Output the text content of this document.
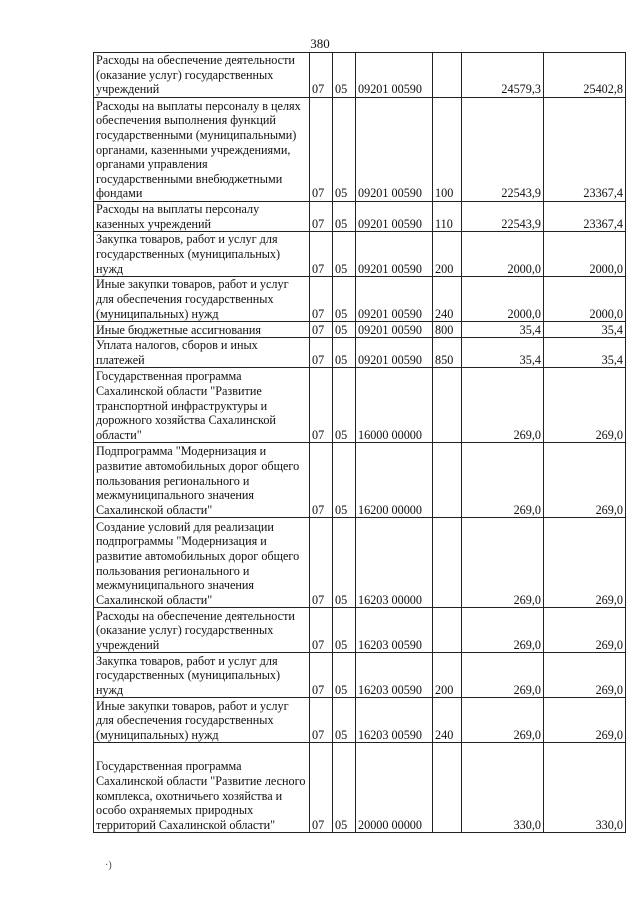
380
Расходы на обеспечение деятельности (оказание услуг) государственных учреждений	07	05	09201 00590		24579,3	25402,8
Расходы на выплаты персоналу в целях обеспечения выполнения функций государственными (муниципальными) органами, казенными учреждениями, органами управления государственными внебюджетными фондами	07	05	09201 00590	100	22543,9	23367,4
Расходы на выплаты персоналу казенных учреждений	07	05	09201 00590	110	22543,9	23367,4
Закупка товаров, работ и услуг для государственных (муниципальных) нужд	07	05	09201 00590	200	2000,0	2000,0
Иные закупки товаров, работ и услуг для обеспечения государственных (муниципальных) нужд	07	05	09201 00590	240	2000,0	2000,0
Иные бюджетные ассигнования	07	05	09201 00590	800	35,4	35,4
Уплата налогов, сборов и иных платежей	07	05	09201 00590	850	35,4	35,4
Государственная программа Сахалинской области "Развитие транспортной инфраструктуры и дорожного хозяйства Сахалинской области"	07	05	16000 00000		269,0	269,0
Подпрограмма "Модернизация и развитие автомобильных дорог общего пользования регионального и межмуниципального значения Сахалинской области"	07	05	16200 00000		269,0	269,0
Создание условий для реализации подпрограммы "Модернизация и развитие автомобильных дорог общего пользования регионального и межмуниципального значения Сахалинской области"	07	05	16203 00000		269,0	269,0
Расходы на обеспечение деятельности (оказание услуг) государственных учреждений	07	05	16203 00590		269,0	269,0
Закупка товаров, работ и услуг для государственных (муниципальных) нужд	07	05	16203 00590	200	269,0	269,0
Иные закупки товаров, работ и услуг для обеспечения государственных (муниципальных) нужд	07	05	16203 00590	240	269,0	269,0
Государственная программа Сахалинской области "Развитие лесного комплекса, охотничьего хозяйства и особо охраняемых природных территорий Сахалинской области"	07	05	20000 00000		330,0	330,0
·)
